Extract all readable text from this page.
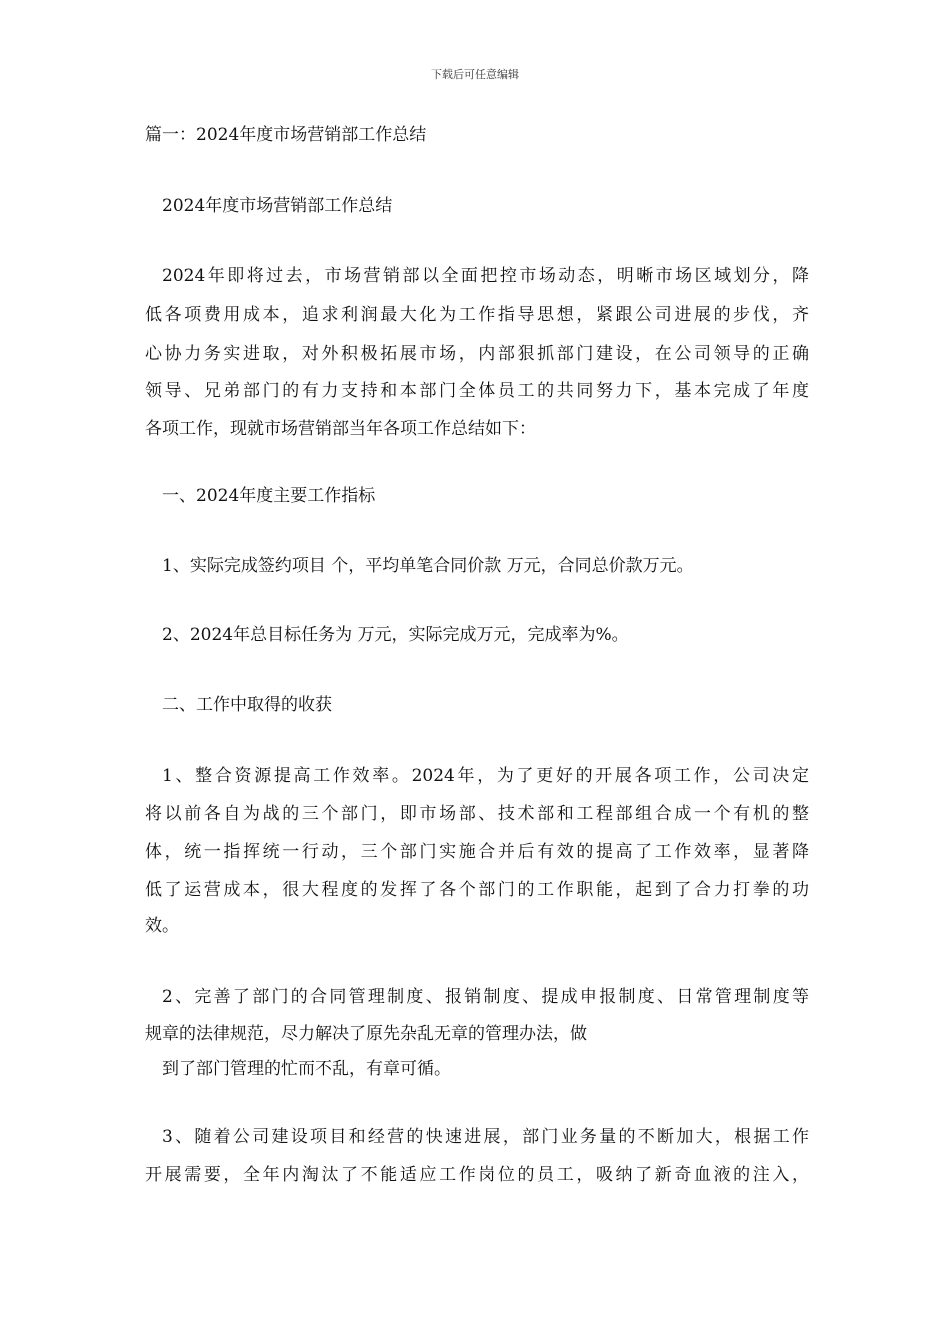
下载后可任意编辑
篇一：2024年度市场营销部工作总结
2024年度市场营销部工作总结
2024年即将过去，市场营销部以全面把控市场动态，明晰市场区域划分，降
低各项费用成本，追求利润最大化为工作指导思想，紧跟公司进展的步伐，齐
心协力务实进取，对外积极拓展市场，内部狠抓部门建设，在公司领导的正确
领导、兄弟部门的有力支持和本部门全体员工的共同努力下，基本完成了年度
各项工作，现就市场营销部当年各项工作总结如下：
一、2024年度主要工作指标
1、实际完成签约项目 个，平均单笔合同价款 万元，合同总价款万元。
2、2024年总目标任务为 万元，实际完成万元，完成率为%。
二、工作中取得的收获
1、整合资源提高工作效率。2024年，为了更好的开展各项工作，公司决定
将以前各自为战的三个部门，即市场部、技术部和工程部组合成一个有机的整
体，统一指挥统一行动，三个部门实施合并后有效的提高了工作效率，显著降
低了运营成本，很大程度的发挥了各个部门的工作职能，起到了合力打拳的功
效。
2、完善了部门的合同管理制度、报销制度、提成申报制度、日常管理制度等
规章的法律规范，尽力解决了原先杂乱无章的管理办法，做
到了部门管理的忙而不乱，有章可循。
3、随着公司建设项目和经营的快速进展，部门业务量的不断加大，根据工作
开展需要，全年内淘汰了不能适应工作岗位的员工，吸纳了新奇血液的注入，
